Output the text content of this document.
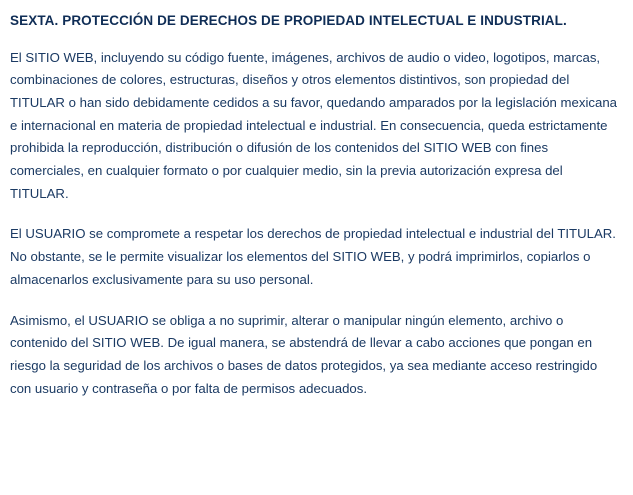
SEXTA. PROTECCIÓN DE DERECHOS DE PROPIEDAD INTELECTUAL E INDUSTRIAL.

El SITIO WEB, incluyendo su código fuente, imágenes, archivos de audio o video, logotipos, marcas, combinaciones de colores, estructuras, diseños y otros elementos distintivos, son propiedad del TITULAR o han sido debidamente cedidos a su favor, quedando amparados por la legislación mexicana e internacional en materia de propiedad intelectual e industrial. En consecuencia, queda estrictamente prohibida la reproducción, distribución o difusión de los contenidos del SITIO WEB con fines comerciales, en cualquier formato o por cualquier medio, sin la previa autorización expresa del TITULAR.

El USUARIO se compromete a respetar los derechos de propiedad intelectual e industrial del TITULAR. No obstante, se le permite visualizar los elementos del SITIO WEB, y podrá imprimirlos, copiarlos o almacenarlos exclusivamente para su uso personal.

Asimismo, el USUARIO se obliga a no suprimir, alterar o manipular ningún elemento, archivo o contenido del SITIO WEB. De igual manera, se abstendrá de llevar a cabo acciones que pongan en riesgo la seguridad de los archivos o bases de datos protegidos, ya sea mediante acceso restringido con usuario y contraseña o por falta de permisos adecuados.
